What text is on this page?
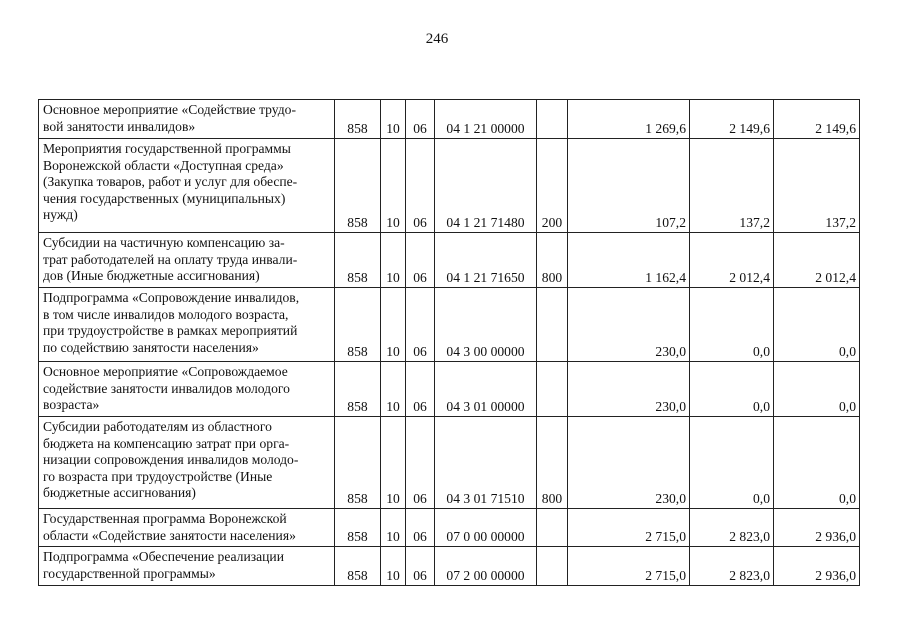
246
Основное мероприятие «Содействие трудо-
вой занятости инвалидов»	858	10	06	04 1 21 00000		1 269,6	2 149,6	2 149,6
Мероприятия государственной программы
Воронежской области «Доступная среда»
(Закупка товаров, работ и услуг для обеспе-
чения государственных (муниципальных)
нужд)	858	10	06	04 1 21 71480	200	107,2	137,2	137,2
Субсидии на частичную компенсацию за-
трат работодателей на оплату труда инвали-
дов (Иные бюджетные ассигнования)	858	10	06	04 1 21 71650	800	1 162,4	2 012,4	2 012,4
Подпрограмма «Сопровождение инвалидов,
в том числе инвалидов молодого возраста,
при трудоустройстве в рамках мероприятий
по содействию занятости населения»	858	10	06	04 3 00 00000		230,0	0,0	0,0
Основное мероприятие «Сопровождаемое
содействие занятости инвалидов молодого
возраста»	858	10	06	04 3 01 00000		230,0	0,0	0,0
Субсидии работодателям из областного
бюджета на компенсацию затрат при орга-
низации сопровождения инвалидов молодо-
го возраста при трудоустройстве (Иные
бюджетные ассигнования)	858	10	06	04 3 01 71510	800	230,0	0,0	0,0
Государственная программа Воронежской
области «Содействие занятости населения»	858	10	06	07 0 00 00000		2 715,0	2 823,0	2 936,0
Подпрограмма «Обеспечение реализации
государственной программы»	858	10	06	07 2 00 00000		2 715,0	2 823,0	2 936,0
